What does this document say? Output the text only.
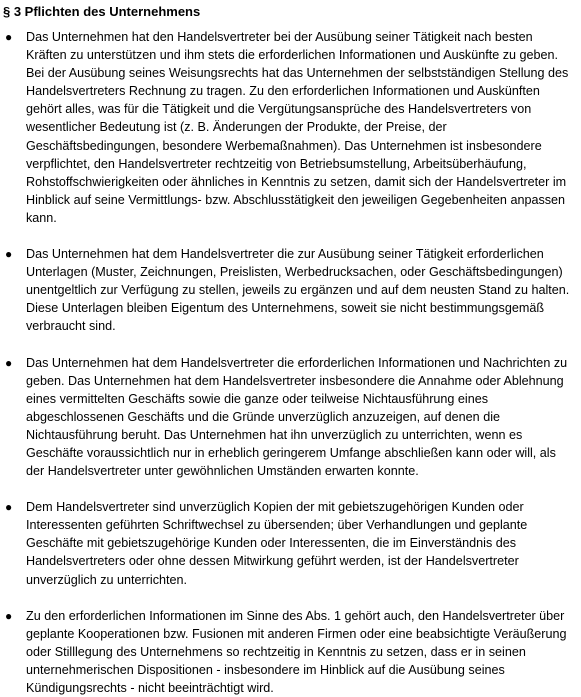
§ 3 Pflichten des Unternehmens
● Das Unternehmen hat den Handelsvertreter bei der Ausübung seiner Tätigkeit nach besten Kräften zu unterstützen und ihm stets die erforderlichen Informationen und Auskünfte zu geben. Bei der Ausübung seines Weisungsrechts hat das Unternehmen der selbstständigen Stellung des Handelsvertreters Rechnung zu tragen. Zu den erforderlichen Informationen und Auskünften gehört alles, was für die Tätigkeit und die Vergütungsansprüche des Handelsvertreters von wesentlicher Bedeutung ist (z. B. Änderungen der Produkte, der Preise, der Geschäftsbedingungen, besondere Werbemaßnahmen). Das Unternehmen ist insbesondere verpflichtet, den Handelsvertreter rechtzeitig von Betriebsumstellung, Arbeitsüberhäufung, Rohstoffschwierigkeiten oder ähnliches in Kenntnis zu setzen, damit sich der Handelsvertreter im Hinblick auf seine Vermittlungs- bzw. Abschlusstätigkeit den jeweiligen Gegebenheiten anpassen kann.
● Das Unternehmen hat dem Handelsvertreter die zur Ausübung seiner Tätigkeit erforderlichen Unterlagen (Muster, Zeichnungen, Preislisten, Werbedrucksachen, oder Geschäftsbedingungen) unentgeltlich zur Verfügung zu stellen, jeweils zu ergänzen und auf dem neusten Stand zu halten. Diese Unterlagen bleiben Eigentum des Unternehmens, soweit sie nicht bestimmungsgemäß verbraucht sind.
● Das Unternehmen hat dem Handelsvertreter die erforderlichen Informationen und Nachrichten zu geben. Das Unternehmen hat dem Handelsvertreter insbesondere die Annahme oder Ablehnung eines vermittelten Geschäfts sowie die ganze oder teilweise Nichtausführung eines abgeschlossenen Geschäfts und die Gründe unverzüglich anzuzeigen, auf denen die Nichtausführung beruht. Das Unternehmen hat ihn unverzüglich zu unterrichten, wenn es Geschäfte voraussichtlich nur in erheblich geringerem Umfange abschließen kann oder will, als der Handelsvertreter unter gewöhnlichen Umständen erwarten konnte.
● Dem Handelsvertreter sind unverzüglich Kopien der mit gebietszugehörigen Kunden oder Interessenten geführten Schriftwechsel zu übersenden; über Verhandlungen und geplante Geschäfte mit gebietszugehörige Kunden oder Interessenten, die im Einverständnis des Handelsvertreters oder ohne dessen Mitwirkung geführt werden, ist der Handelsvertreter unverzüglich zu unterrichten.
● Zu den erforderlichen Informationen im Sinne des Abs. 1 gehört auch, den Handelsvertreter über geplante Kooperationen bzw. Fusionen mit anderen Firmen oder eine beabsichtigte Veräußerung oder Stilllegung des Unternehmens so rechtzeitig in Kenntnis zu setzen, dass er in seinen unternehmerischen Dispositionen - insbesondere im Hinblick auf die Ausübung seines Kündigungsrechts - nicht beeinträchtigt wird.
